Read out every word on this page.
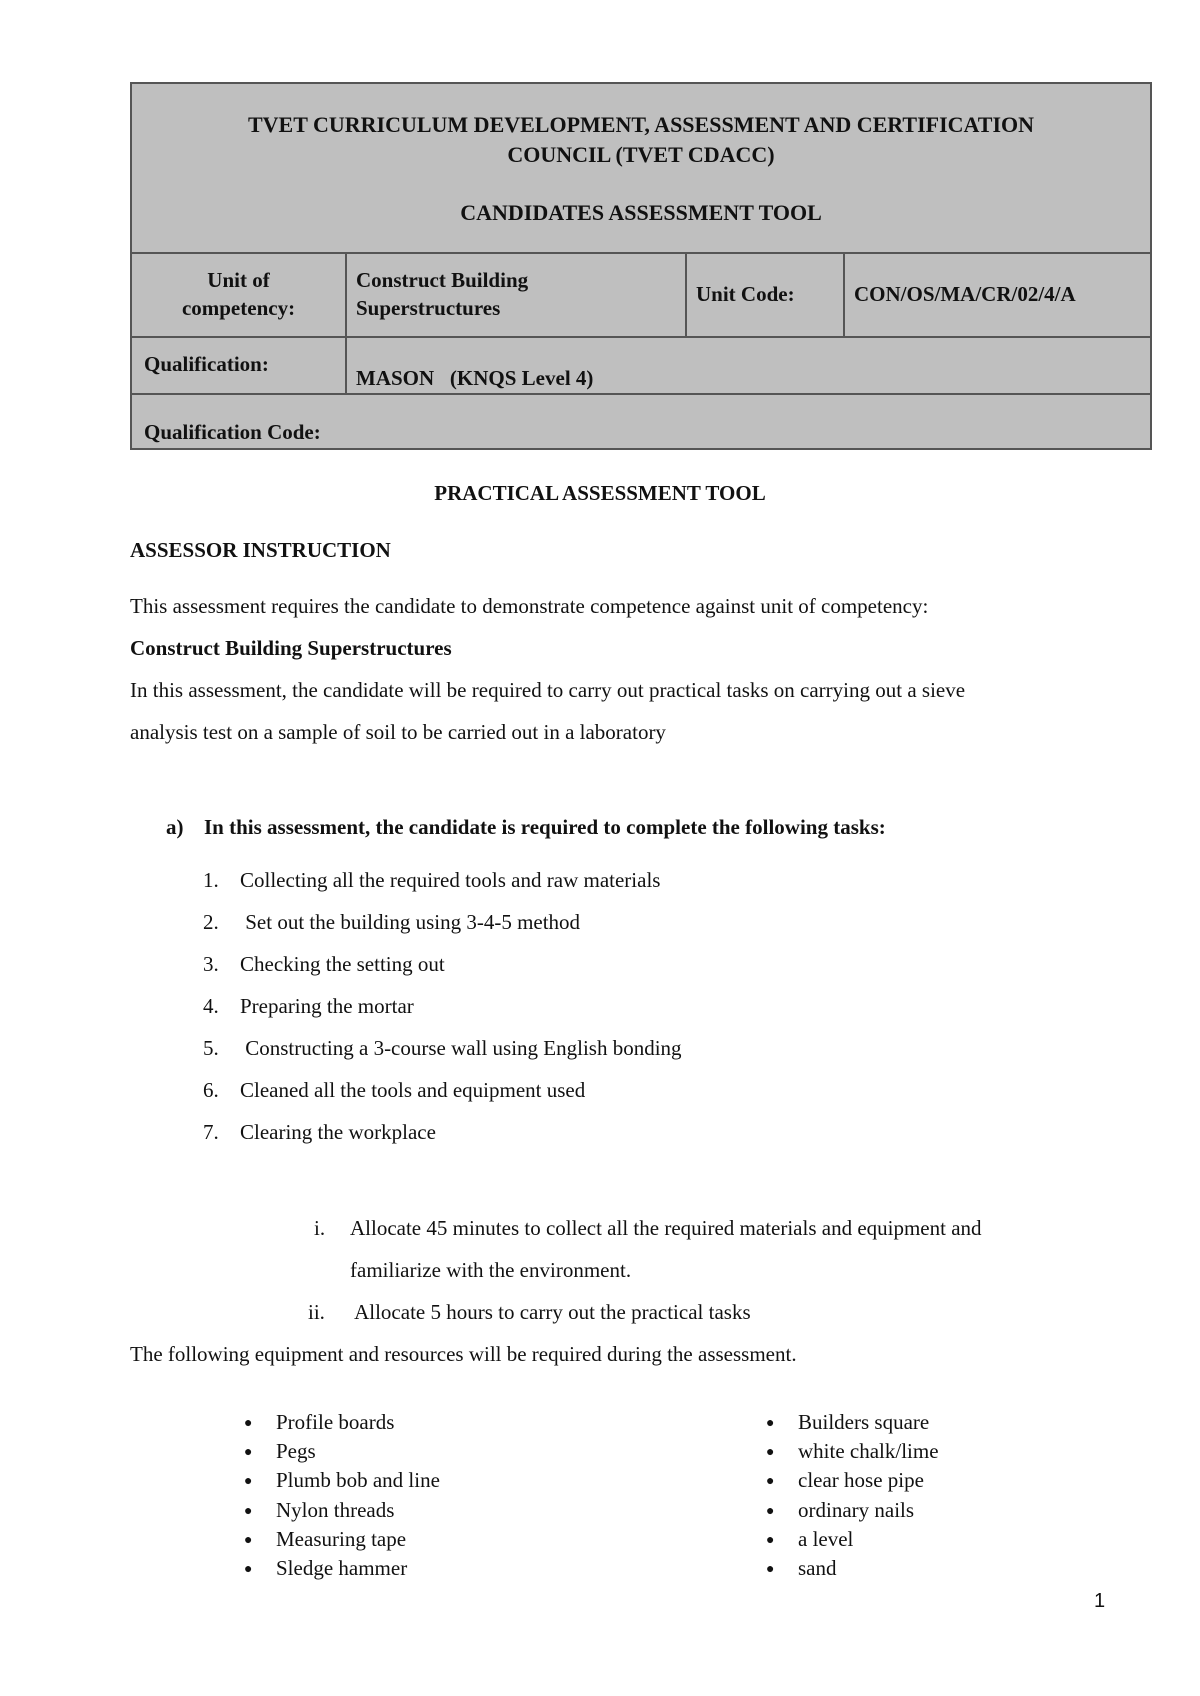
TVET CURRICULUM DEVELOPMENT, ASSESSMENT AND CERTIFICATION
COUNCIL (TVET CDACC)
CANDIDATES ASSESSMENT TOOL
Unit of
competency:
Construct Building
Superstructures
Unit Code:	CON/OS/MA/CR/02/4/A
Qualification:
MASON   (KNQS Level 4)
Qualification Code:
PRACTICAL ASSESSMENT TOOL
ASSESSOR INSTRUCTION
This assessment requires the candidate to demonstrate competence against unit of competency:
Construct Building Superstructures
In this assessment, the candidate will be required to carry out practical tasks on carrying out a sieve
analysis test on a sample of soil to be carried out in a laboratory
a) In this assessment, the candidate is required to complete the following tasks:
1. Collecting all the required tools and raw materials
2. Set out the building using 3-4-5 method
3. Checking the setting out
4. Preparing the mortar
5. Constructing a 3-course wall using English bonding
6. Cleaned all the tools and equipment used
7. Clearing the workplace
i. Allocate 45 minutes to collect all the required materials and equipment and
familiarize with the environment.
ii. Allocate 5 hours to carry out the practical tasks
The following equipment and resources will be required during the assessment.
● Profile boards
● Pegs
● Plumb bob and line
● Nylon threads
● Measuring tape
● Sledge hammer
● Builders square
● white chalk/lime
● clear hose pipe
● ordinary nails
● a level
● sand
1
